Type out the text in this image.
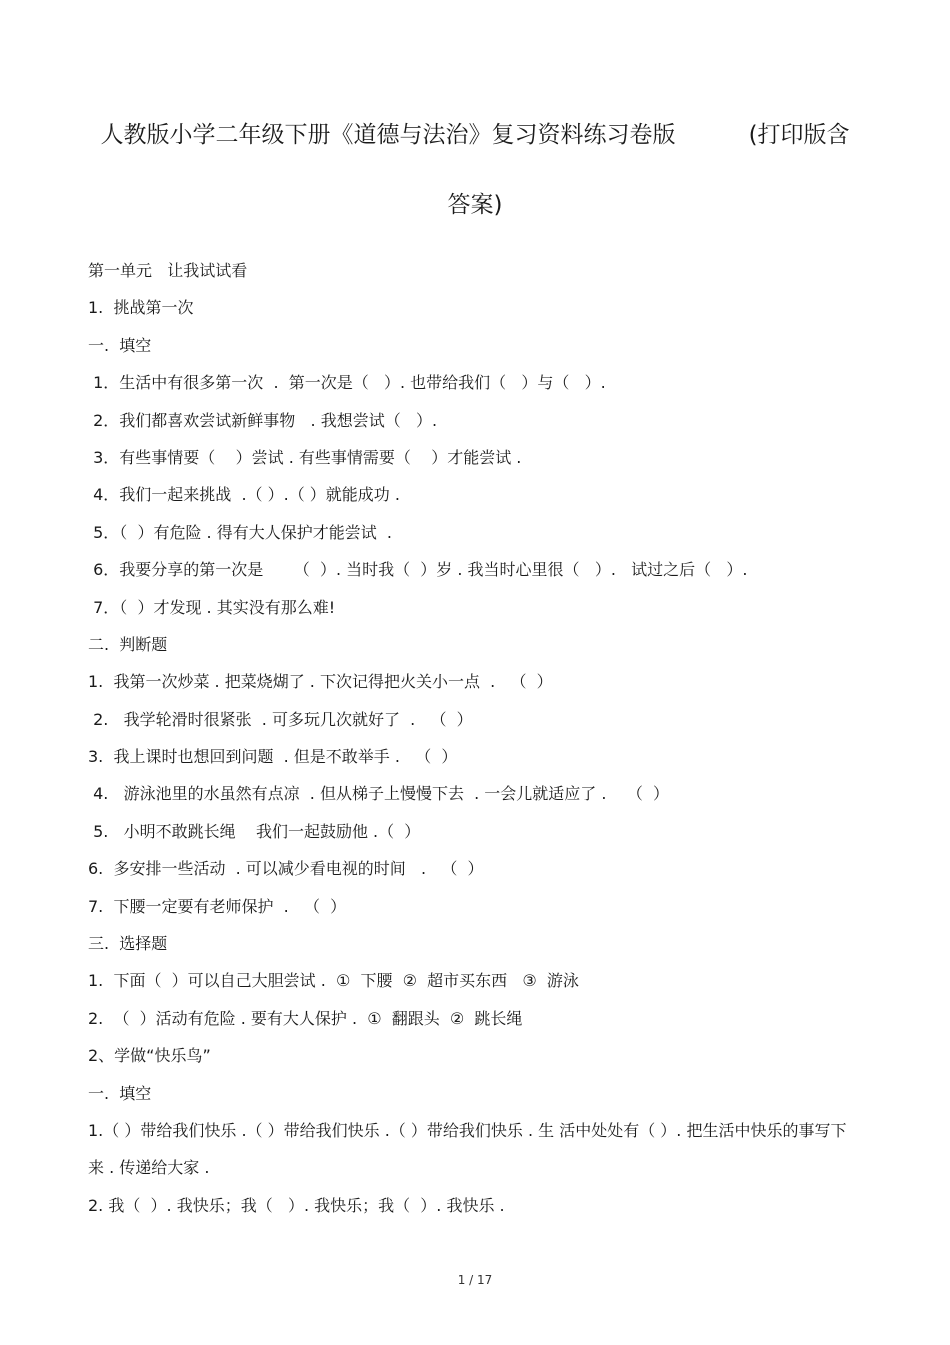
人教版小学二年级下册《道德与法治》复习资料练习卷版          (打印版含
答案)
第一单元   让我试试看
1.  挑战第一次
一.  填空
1．生活中有很多第一次  .  第一次是（   ）. 也带给我们（   ）与（   ）.
2．我们都喜欢尝试新鲜事物   . 我想尝试（   ）.
3．有些事情要（    ）尝试 . 有些事情需要（    ）才能尝试 .
4．我们一起来挑战  .（ ）.（ ）就能成功 .
5．（  ）有危险 . 得有大人保护才能尝试  .
6．我要分享的第一次是      （  ）. 当时我（  ）岁 . 我当时心里很（   ）.   试过之后（   ）.
7．（  ）才发现 . 其实没有那么难!
二.  判断题
1.  我第一次炒菜 . 把菜烧煳了 . 下次记得把火关小一点  .   （  ）
2.   我学轮滑时很紧张  . 可多玩几次就好了  .   （  ）
3.  我上课时也想回到问题  . 但是不敢举手 .   （  ）
4.   游泳池里的水虽然有点凉  . 但从梯子上慢慢下去  . 一会儿就适应了 .    （  ）
5.   小明不敢跳长绳    我们一起鼓励他 .（  ）
6.  多安排一些活动  . 可以减少看电视的时间   .   （  ）
7.  下腰一定要有老师保护  .   （  ）
三.  选择题
1.  下面（  ）可以自己大胆尝试 .  ①  下腰  ②  超市买东西   ③  游泳
2.  （  ）活动有危险 . 要有大人保护 .  ①  翻跟头  ②  跳长绳
2、学做“快乐鸟”
一.  填空
1.（ ）带给我们快乐 .（ ）带给我们快乐 .（ ）带给我们快乐 . 生 活中处处有（ ）. 把生活中快乐的事写下来 . 传递给大家 .
2. 我（  ）. 我快乐；我（   ）. 我快乐；我（  ）. 我快乐 .
1 / 17
